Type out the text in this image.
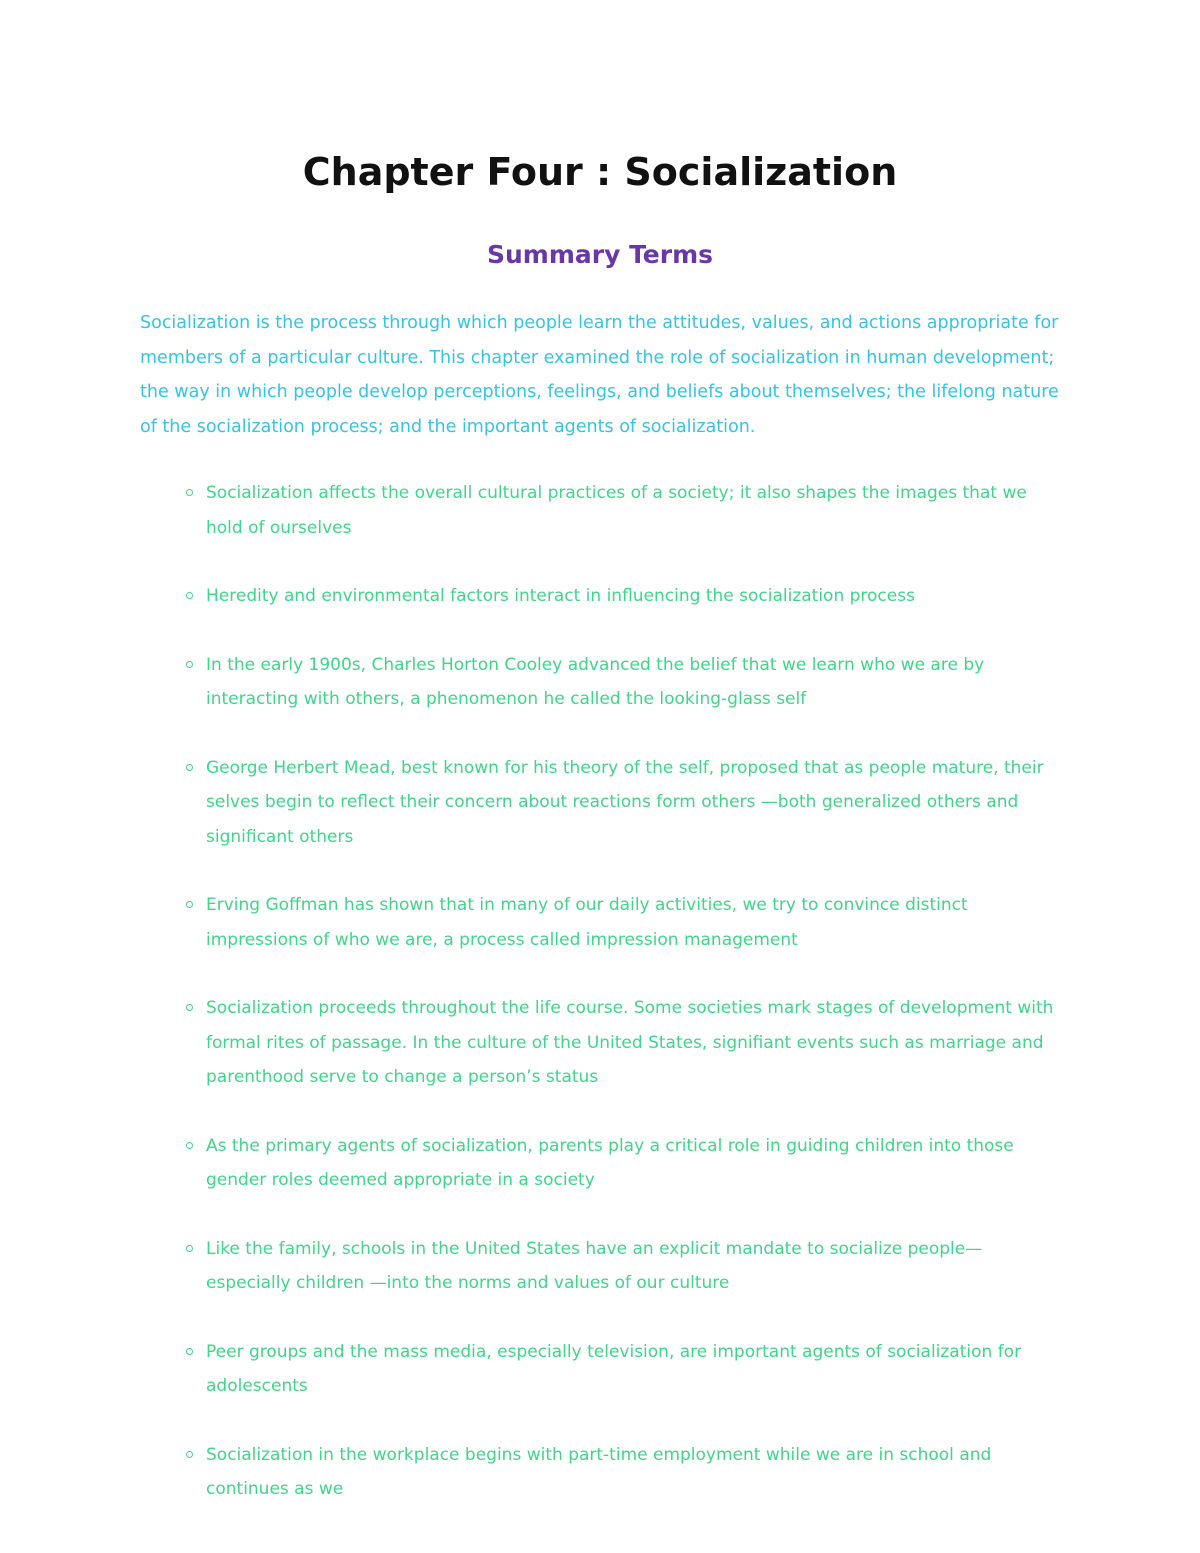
Chapter Four : Socialization
Summary Terms

Socialization is the process through which people learn the attitudes, values, and actions appropriate for members of a particular culture. This chapter examined the role of socialization in human development; the way in which people develop perceptions, feelings, and beliefs about themselves; the lifelong nature of the socialization process; and the important agents of socialization.

Socialization affects the overall cultural practices of a society; it also shapes the images that we hold of ourselves
Heredity and environmental factors interact in influencing the socialization process
In the early 1900s, Charles Horton Cooley advanced the belief that we learn who we are by interacting with others, a phenomenon he called the looking-glass self
George Herbert Mead, best known for his theory of the self, proposed that as people mature, their selves begin to reflect their concern about reactions form others —both generalized others and significant others
Erving Goffman has shown that in many of our daily activities, we try to convince distinct impressions of who we are, a process called impression management
Socialization proceeds throughout the life course. Some societies mark stages of development with formal rites of passage. In the culture of the United States, signifiant events such as marriage and parenthood serve to change a person’s status
As the primary agents of socialization, parents play a critical role in guiding children into those gender roles deemed appropriate in a society
Like the family, schools in the United States have an explicit mandate to socialize people—especially children —into the norms and values of our culture
Peer groups and the mass media, especially television, are important agents of socialization for adolescents
Socialization in the workplace begins with part-time employment while we are in school and continues as we
